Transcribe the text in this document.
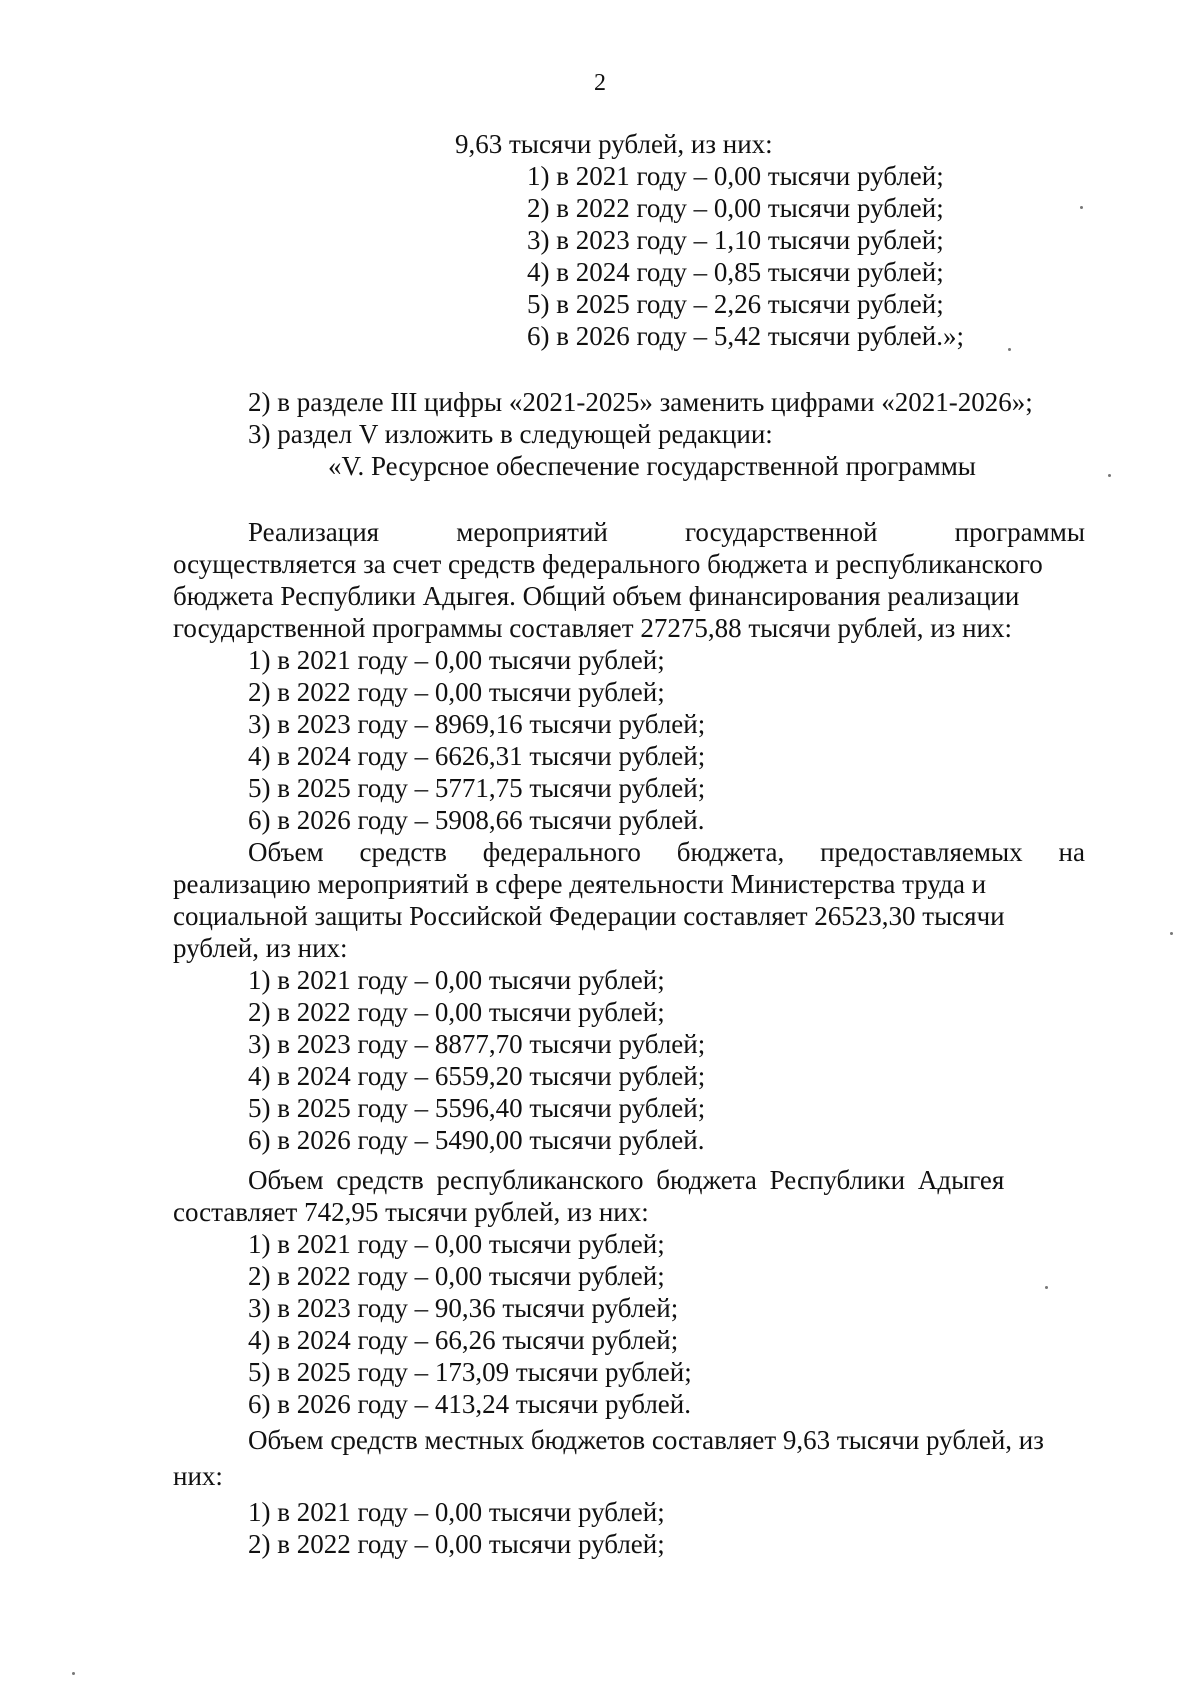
2
9,63 тысячи рублей, из них:
1) в 2021 году – 0,00 тысячи рублей;
2) в 2022 году – 0,00 тысячи рублей;
3) в 2023 году – 1,10 тысячи рублей;
4) в 2024 году – 0,85 тысячи рублей;
5) в 2025 году – 2,26 тысячи рублей;
6) в 2026 году – 5,42 тысячи рублей.»;
2) в разделе III цифры «2021-2025» заменить цифрами «2021-2026»;
3) раздел V изложить в следующей редакции:
«V. Ресурсное обеспечение государственной программы
Реализация	мероприятий	государственной	программы
осуществляется за счет средств федерального бюджета и республиканского
бюджета Республики Адыгея. Общий объем финансирования реализации
государственной программы составляет 27275,88 тысячи рублей, из них:
1) в 2021 году – 0,00 тысячи рублей;
2) в 2022 году – 0,00 тысячи рублей;
3) в 2023 году – 8969,16 тысячи рублей;
4) в 2024 году – 6626,31 тысячи рублей;
5) в 2025 году – 5771,75 тысячи рублей;
6) в 2026 году – 5908,66 тысячи рублей.
Объем средств федерального бюджета, предоставляемых на
реализацию мероприятий в сфере деятельности Министерства труда и
социальной защиты Российской Федерации составляет 26523,30 тысячи
рублей, из них:
1) в 2021 году – 0,00 тысячи рублей;
2) в 2022 году – 0,00 тысячи рублей;
3) в 2023 году – 8877,70 тысячи рублей;
4) в 2024 году – 6559,20 тысячи рублей;
5) в 2025 году – 5596,40 тысячи рублей;
6) в 2026 году – 5490,00 тысячи рублей.
Объем средств республиканского бюджета Республики Адыгея
составляет 742,95 тысячи рублей, из них:
1) в 2021 году – 0,00 тысячи рублей;
2) в 2022 году – 0,00 тысячи рублей;
3) в 2023 году – 90,36 тысячи рублей;
4) в 2024 году – 66,26 тысячи рублей;
5) в 2025 году – 173,09 тысячи рублей;
6) в 2026 году – 413,24 тысячи рублей.
Объем средств местных бюджетов составляет 9,63 тысячи рублей, из
них:
1) в 2021 году – 0,00 тысячи рублей;
2) в 2022 году – 0,00 тысячи рублей;
